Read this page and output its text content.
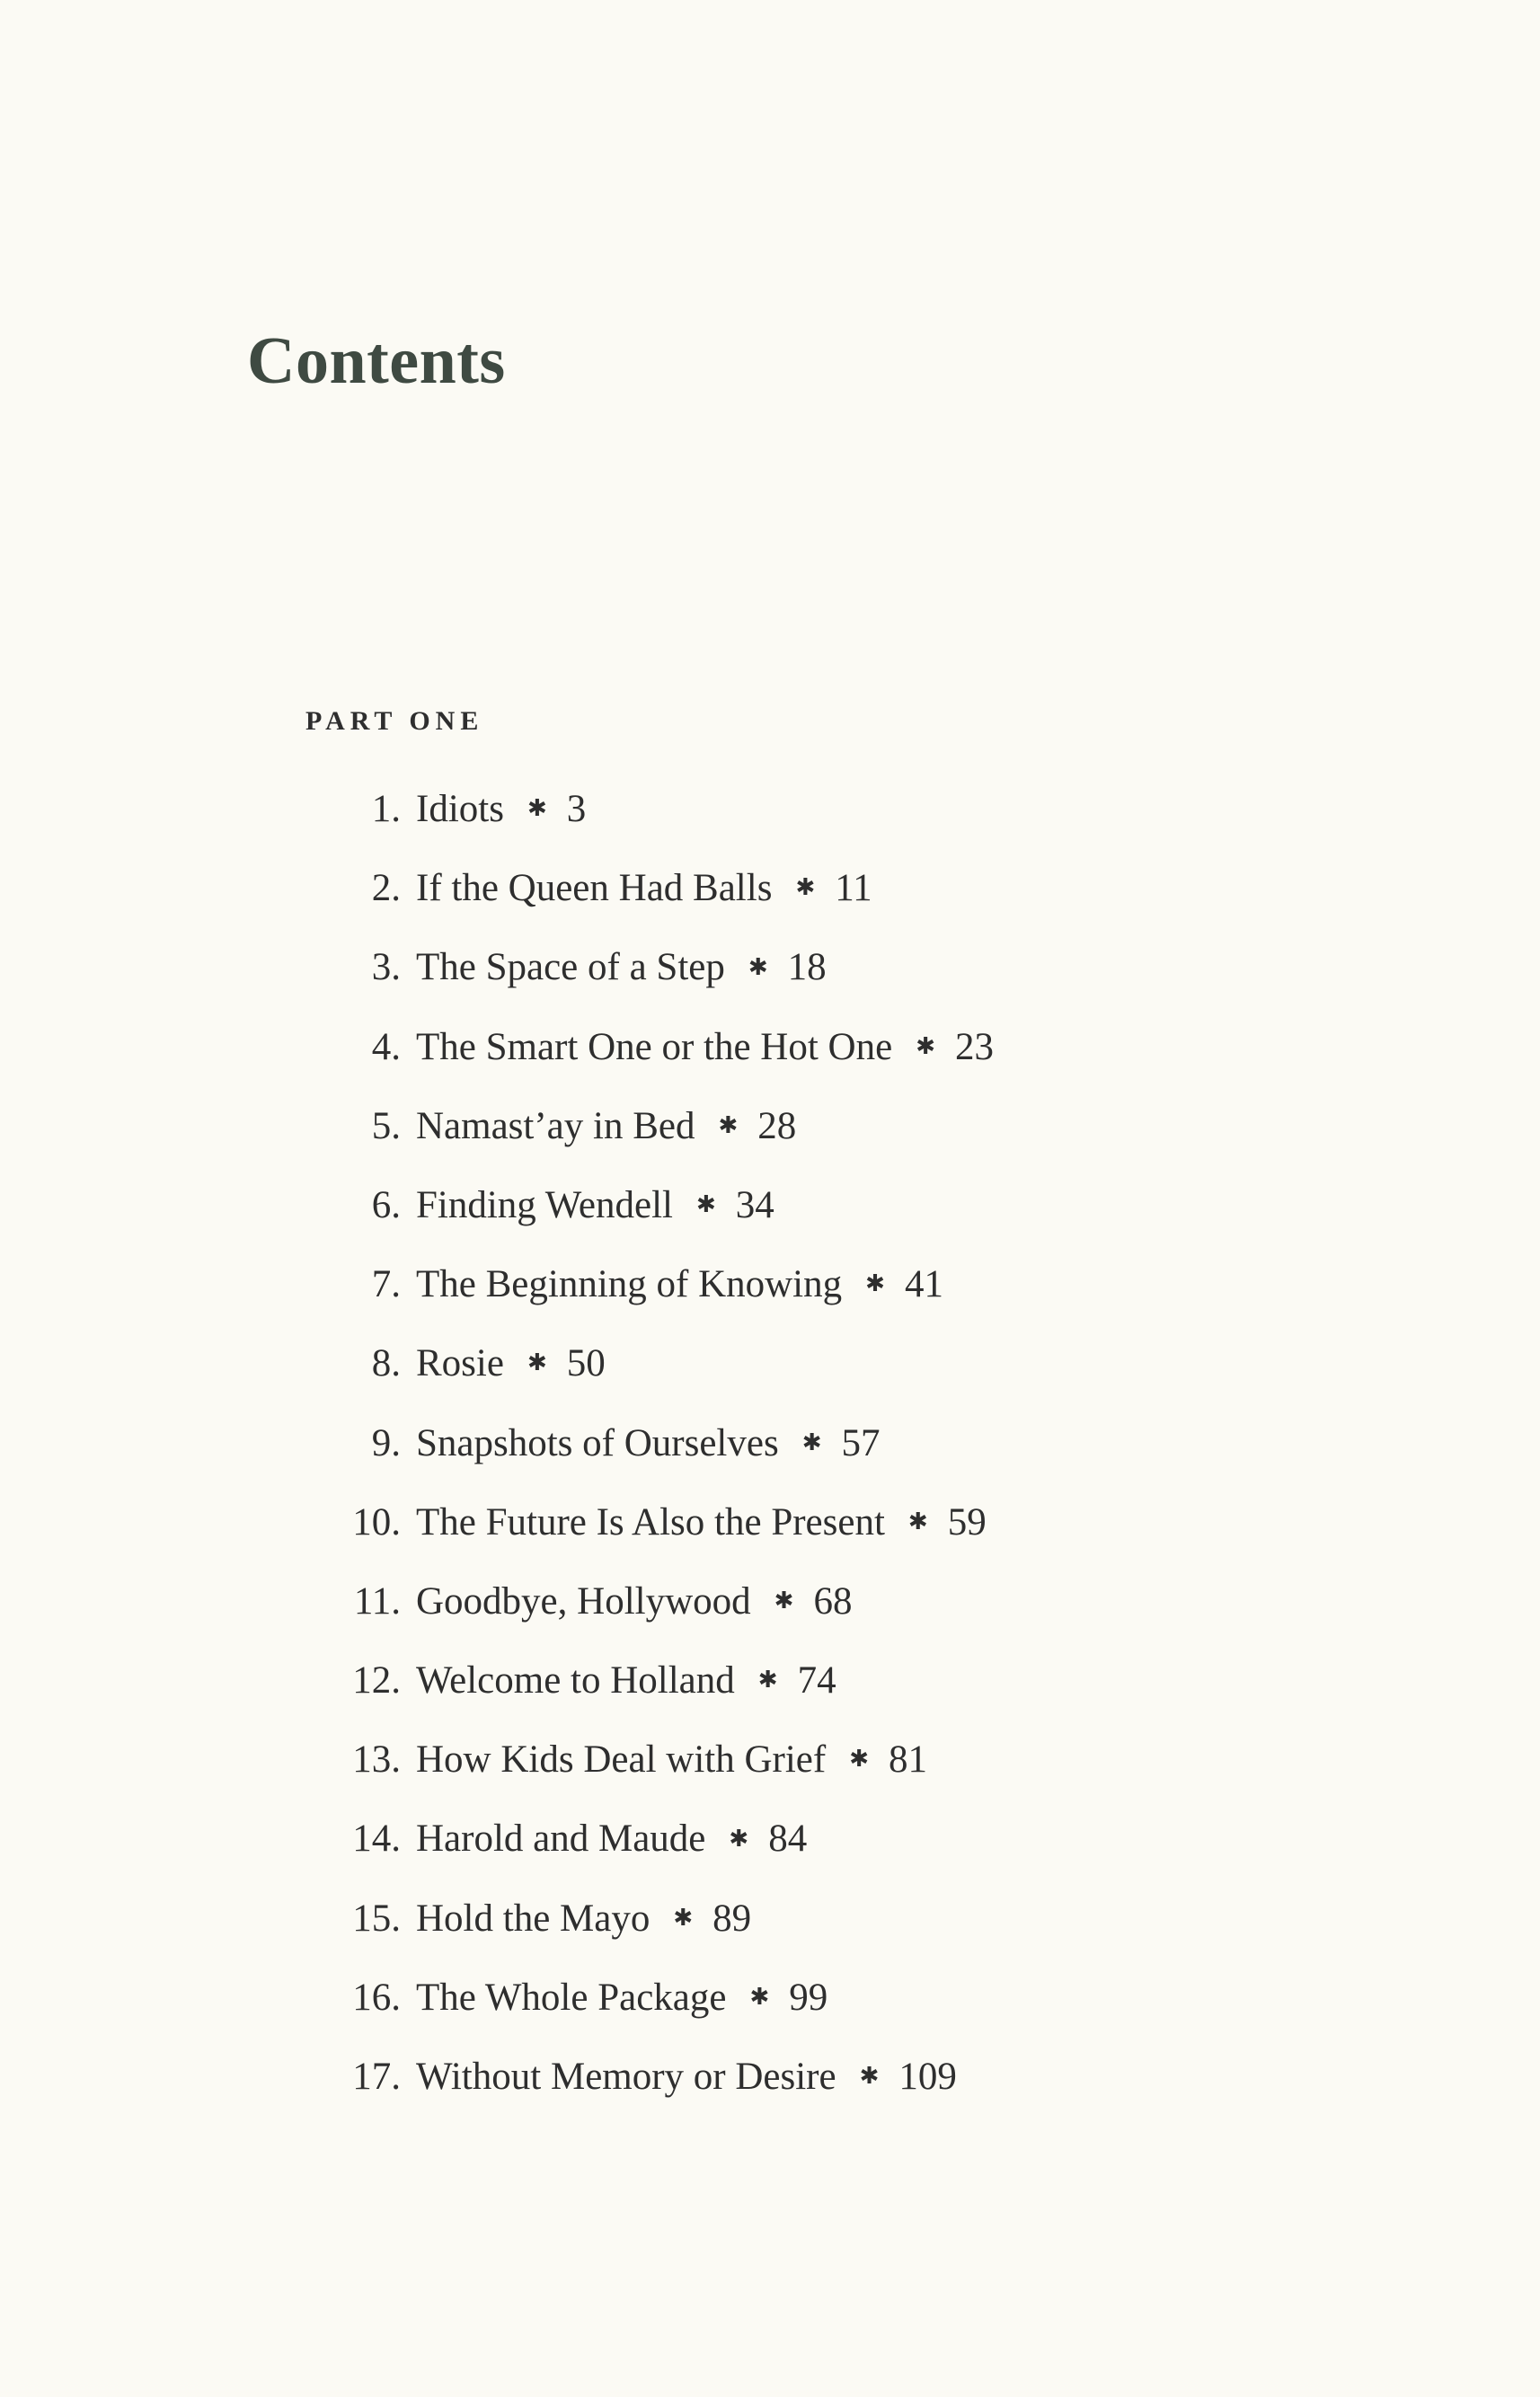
Contents
PART ONE
1. Idiots ✱ 3
2. If the Queen Had Balls ✱ 11
3. The Space of a Step ✱ 18
4. The Smart One or the Hot One ✱ 23
5. Namast’ay in Bed ✱ 28
6. Finding Wendell ✱ 34
7. The Beginning of Knowing ✱ 41
8. Rosie ✱ 50
9. Snapshots of Ourselves ✱ 57
10. The Future Is Also the Present ✱ 59
11. Goodbye, Hollywood ✱ 68
12. Welcome to Holland ✱ 74
13. How Kids Deal with Grief ✱ 81
14. Harold and Maude ✱ 84
15. Hold the Mayo ✱ 89
16. The Whole Package ✱ 99
17. Without Memory or Desire ✱ 109
